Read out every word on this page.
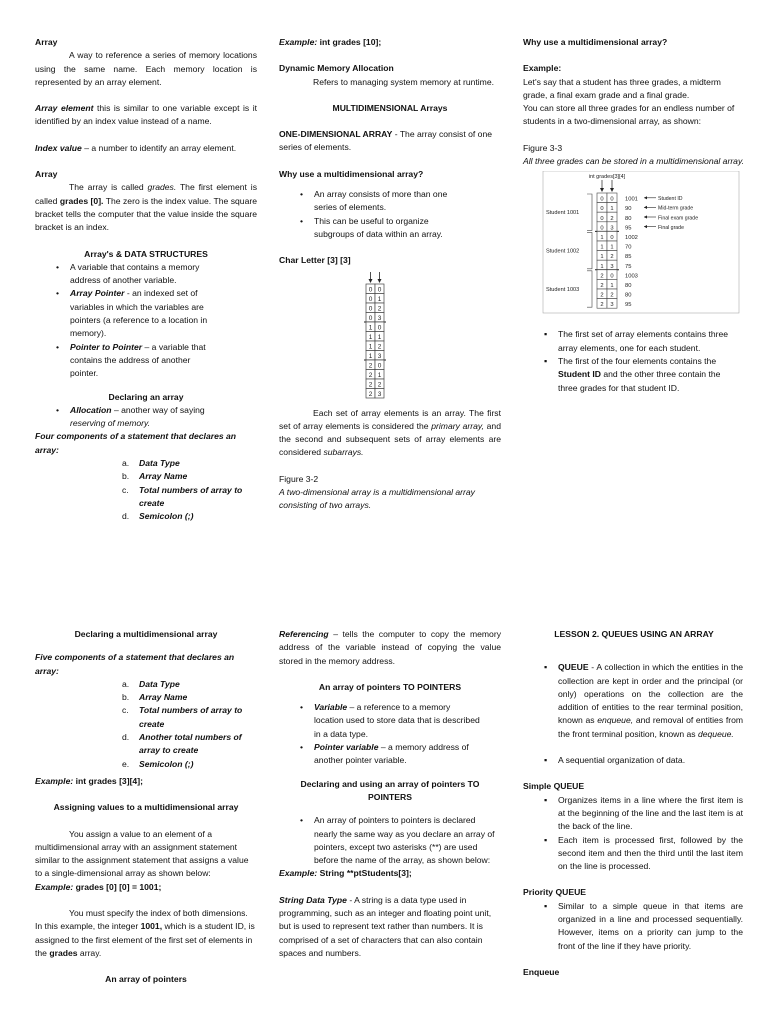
Array

A way to reference a series of memory locations using the same name. Each memory location is represented by an array element.

Array element this is similar to one variable except is it identified by an index value instead of a name.

Index value – a number to identify an array element.

Array

The array is called grades. The first element is called grades [0]. The zero is the index value. The square bracket tells the computer that the value inside the square bracket is an index.

Array's & DATA STRUCTURES

• A variable that contains a memory address of another variable.
• Array Pointer - an indexed set of variables in which the variables are pointers (a reference to a location in memory).
• Pointer to Pointer – a variable that contains the address of another pointer.

Declaring an array

• Allocation – another way of saying reserving of memory.

Four components of a statement that declares an array:

a. Data Type
b. Array Name
c. Total numbers of array to create
d. Semicolon (;)

Declaring a multidimensional array

Five components of a statement that declares an array:

a. Data Type
b. Array Name
c. Total numbers of array to create
d. Another total numbers of array to create
e. Semicolon (;)

Example: int grades [3][4];

Assigning values to a multidimensional array

You assign a value to an element of a multidimensional array with an assignment statement similar to the assignment statement that assigns a value to a single-dimensional array as shown below:

Example: grades [0] [0] = 1001;

You must specify the index of both dimensions. In this example, the integer 1001, which is a student ID, is assigned to the first element of the first set of elements in the grades array.

An array of pointers

Example: int grades [10];

Dynamic Memory Allocation

Refers to managing system memory at runtime.

MULTIDIMENSIONAL Arrays

ONE-DIMENSIONAL ARRAY - The array consist of one series of elements.

Why use a multidimensional array?

• An array consists of more than one series of elements.
• This can be useful to organize subgroups of data within an array.

Char Letter [3] [3]

0 0
0 1
0 2
0 3
1 0
1 1
1 2
1 3
2 0
2 1
2 2
2 3

Each set of array elements is an array. The first set of array elements is considered the primary array, and the second and subsequent sets of array elements are considered subarrays.

Figure 3-2

A two-dimensional array is a multidimensional array consisting of two arrays.

Referencing – tells the computer to copy the memory address of the variable instead of copying the value stored in the memory address.

An array of pointers TO POINTERS

• Variable – a reference to a memory location used to store data that is described in a data type.
• Pointer variable – a memory address of another pointer variable.

Declaring and using an array of pointers TO POINTERS

• An array of pointers to pointers is declared nearly the same way as you declare an array of pointers, except two asterisks (**) are used before the name of the array, as shown below:

Example: String **ptStudents[3];

String Data Type - A string is a data type used in programming, such as an integer and floating point unit, but is used to represent text rather than numbers. It is comprised of a set of characters that can also contain spaces and numbers.

Why use a multidimensional array?

Example:

Let's say that a student has three grades, a midterm grade, a final exam grade and a final grade.

You can store all three grades for an endless number of students in a two-dimensional array, as shown:

Figure 3-3

All three grades can be stored in a multidimensional array.

int grades[3][4]
0 0 1001	Student ID
0 1 90	Mid-term grade
0 2 80	Final exam grade
0 3 95	Final grade
1 0 1002
1 1 70
1 2 85
1 3 75
2 0 1003
2 1 80
2 2 80
2 3 95
Student 1001
Student 1002
Student 1003
▪ The first set of array elements contains three array elements, one for each student.
▪ The first of the four elements contains the Student ID and the other three contain the three grades for that student ID.

LESSON 2. QUEUES USING AN ARRAY

▪ QUEUE - A collection in which the entities in the collection are kept in order and the principal (or only) operations on the collection are the addition of entities to the rear terminal position, known as enqueue, and removal of entities from the front terminal position, known as dequeue.
▪ A sequential organization of data.

Simple QUEUE

▪ Organizes items in a line where the first item is at the beginning of the line and the last item is at the back of the line.
▪ Each item is processed first, followed by the second item and then the third until the last item on the line is processed.

Priority QUEUE

▪ Similar to a simple queue in that items are organized in a line and processed sequentially. However, items on a priority can jump to the front of the line if they have priority.

Enqueue
